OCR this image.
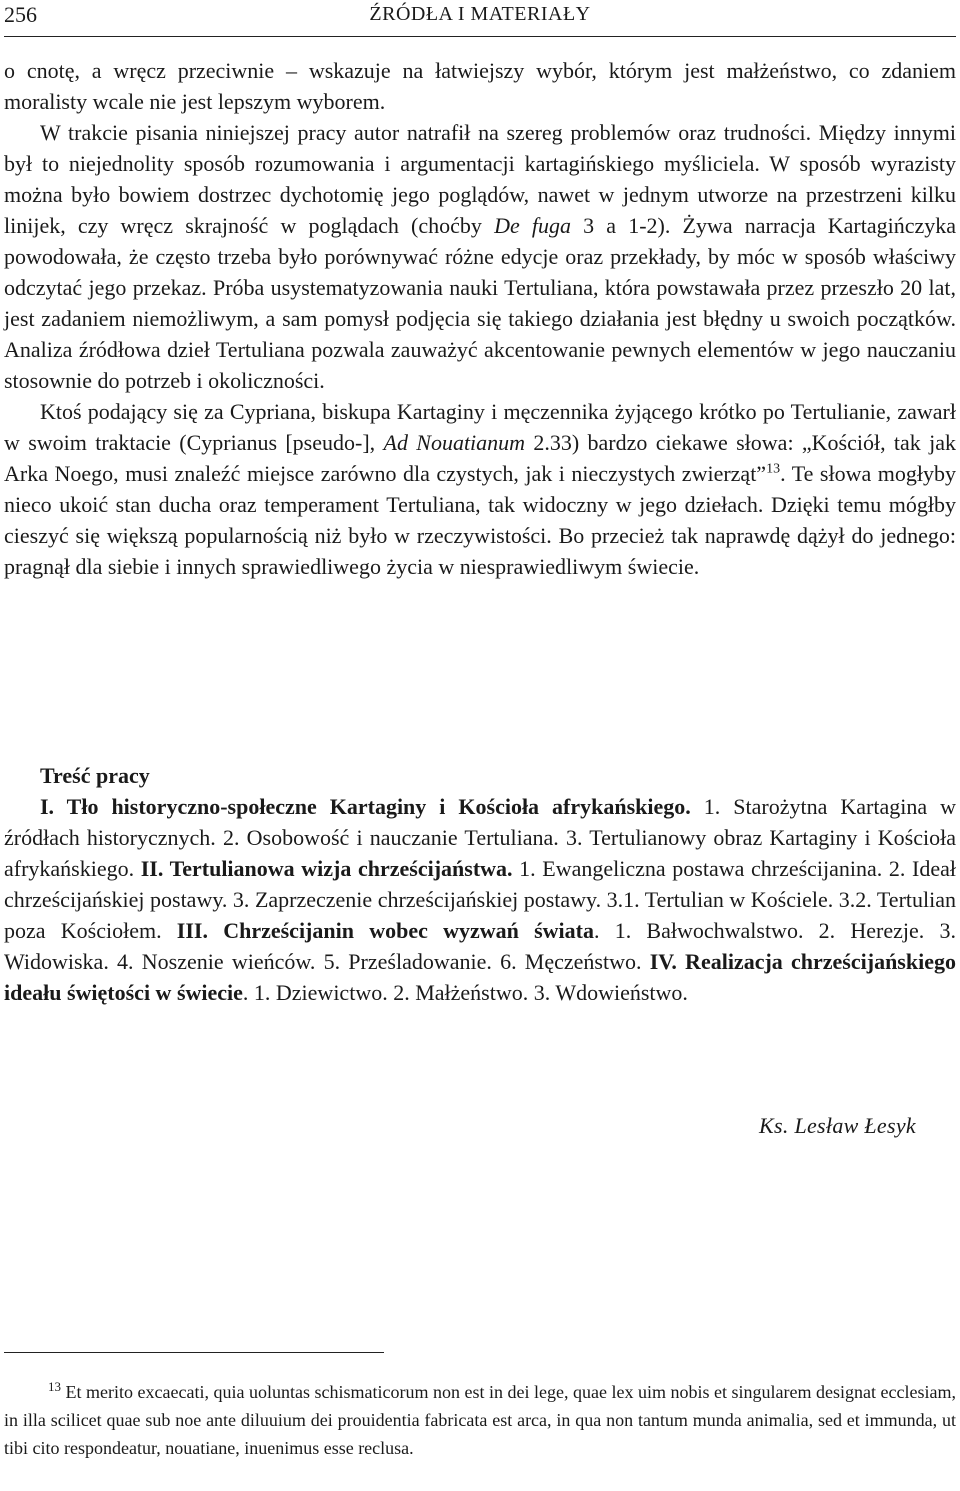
256	ŹRÓDŁA I MATERIAŁY

o cnotę, a wręcz przeciwnie – wskazuje na łatwiejszy wybór, którym jest małżeństwo, co zdaniem moralisty wcale nie jest lepszym wyborem.

W trakcie pisania niniejszej pracy autor natrafił na szereg problemów oraz trudności. Między innymi był to niejednolity sposób rozumowania i argumentacji kartagińskiego myśliciela. W sposób wyrazisty można było bowiem dostrzec dychotomię jego poglądów, nawet w jednym utworze na przestrzeni kilku linijek, czy wręcz skrajność w poglądach (choćby De fuga 3 a 1-2). Żywa narracja Kartagińczyka powodowała, że często trzeba było porównywać różne edycje oraz przekłady, by móc w sposób właściwy odczytać jego przekaz. Próba usystematyzowania nauki Tertuliana, która powstawała przez przeszło 20 lat, jest zadaniem niemożliwym, a sam pomysł podjęcia się takiego działania jest błędny u swoich początków. Analiza źródłowa dzieł Tertuliana pozwala zauważyć akcentowanie pewnych elementów w jego nauczaniu stosownie do potrzeb i okoliczności.

Ktoś podający się za Cypriana, biskupa Kartaginy i męczennika żyjącego krótko po Tertulianie, zawarł w swoim traktacie (Cyprianus [pseudo-], Ad Nouatianum 2.33) bardzo ciekawe słowa: „Kościół, tak jak Arka Noego, musi znaleźć miejsce zarówno dla czystych, jak i nieczystych zwierząt”$^{13}$. Te słowa mogłyby nieco ukoić stan ducha oraz temperament Tertuliana, tak widoczny w jego dziełach. Dzięki temu mógłby cieszyć się większą popularnością niż było w rzeczywistości. Bo przecież tak naprawdę dążył do jednego: pragnął dla siebie i innych sprawiedliwego życia w niesprawiedliwym świecie.

Treść pracy

I. Tło historyczno-społeczne Kartaginy i Kościoła afrykańskiego. 1. Starożytna Kartagina w źródłach historycznych. 2. Osobowość i nauczanie Tertuliana. 3. Tertulianowy obraz Kartaginy i Kościoła afrykańskiego. II. Tertulianowa wizja chrześcijaństwa. 1. Ewangeliczna postawa chrześcijanina. 2. Ideał chrześcijańskiej postawy. 3. Zaprzeczenie chrześcijańskiej postawy. 3.1. Tertulian w Kościele. 3.2. Tertulian poza Kościołem. III. Chrześcijanin wobec wyzwań świata. 1. Bałwochwalstwo. 2. Herezje. 3. Widowiska. 4. Noszenie wieńców. 5. Prześladowanie. 6. Męczeństwo. IV. Realizacja chrześcijańskiego ideału świętości w świecie. 1. Dziewictwo. 2. Małżeństwo. 3. Wdowieństwo.

Ks. Lesław Łesyk

$^{13}$ Et merito excaecati, quia uoluntas schismaticorum non est in dei lege, quae lex uim nobis et singularem designat ecclesiam, in illa scilicet quae sub noe ante diluuium dei prouidentia fabricata est arca, in qua non tantum munda animalia, sed et immunda, ut tibi cito respondeatur, nouatiane, inuenimus esse reclusa.
